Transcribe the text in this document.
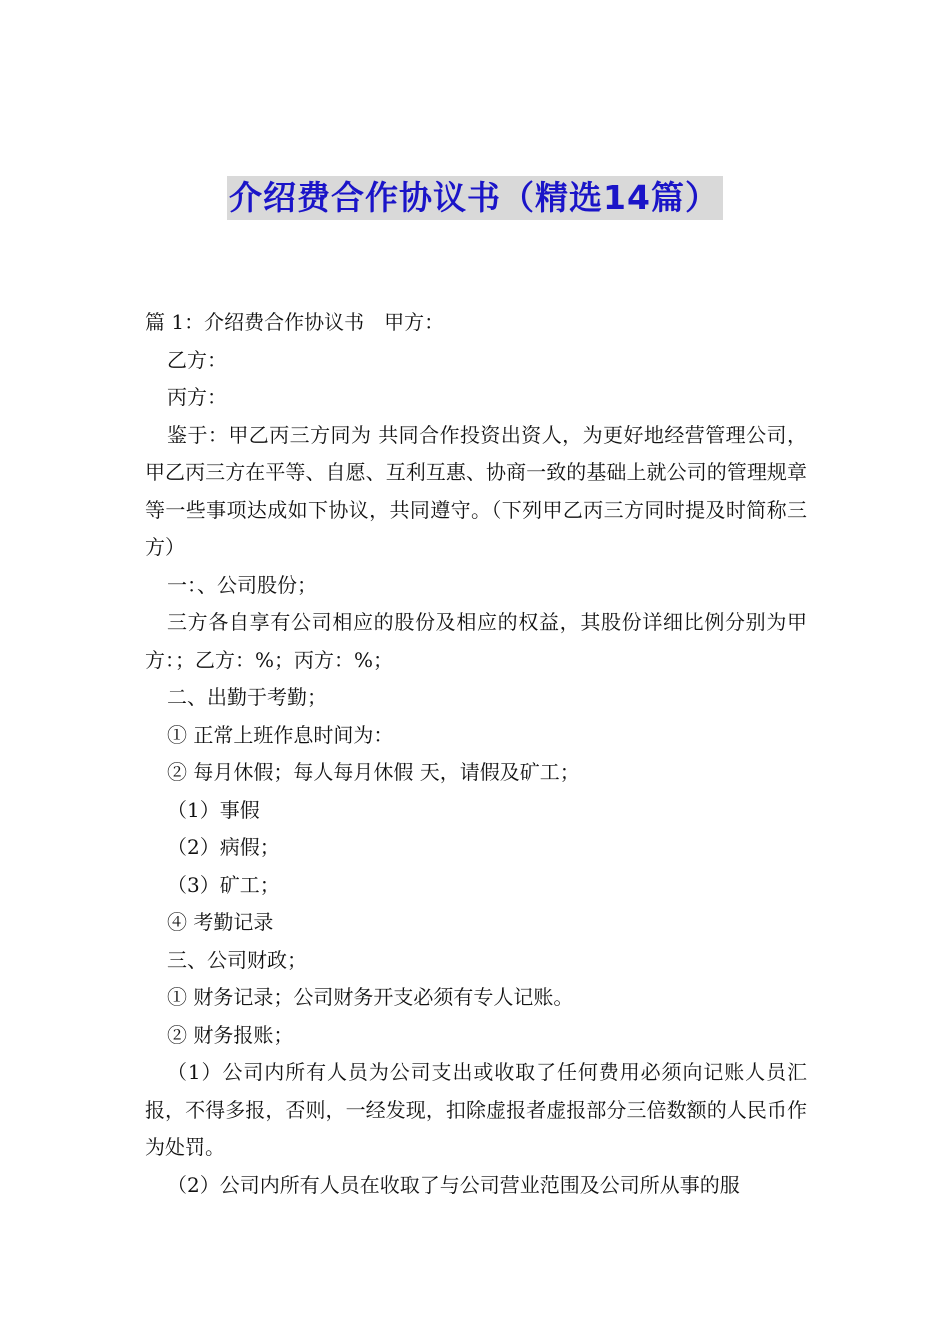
介绍费合作协议书（精选14篇）

篇 1：介绍费合作协议书　甲方：

乙方：

丙方：

鉴于：甲乙丙三方同为 共同合作投资出资人，为更好地经营管理公司，甲乙丙三方在平等、自愿、互利互惠、协商一致的基础上就公司的管理规章等一些事项达成如下协议，共同遵守。（下列甲乙丙三方同时提及时简称三方）

一：、公司股份；

三方各自享有公司相应的股份及相应的权益，其股份详细比例分别为甲方：；乙方：%；丙方：%；

二、出勤于考勤；

① 正常上班作息时间为：

② 每月休假；每人每月休假 天，请假及矿工；

（1）事假

（2）病假；

（3）矿工；

④ 考勤记录

三、公司财政；

① 财务记录；公司财务开支必须有专人记账。

② 财务报账；

（1）公司内所有人员为公司支出或收取了任何费用必须向记账人员汇报，不得多报，否则，一经发现，扣除虚报者虚报部分三倍数额的人民币作为处罚。

（2）公司内所有人员在收取了与公司营业范围及公司所从事的服
